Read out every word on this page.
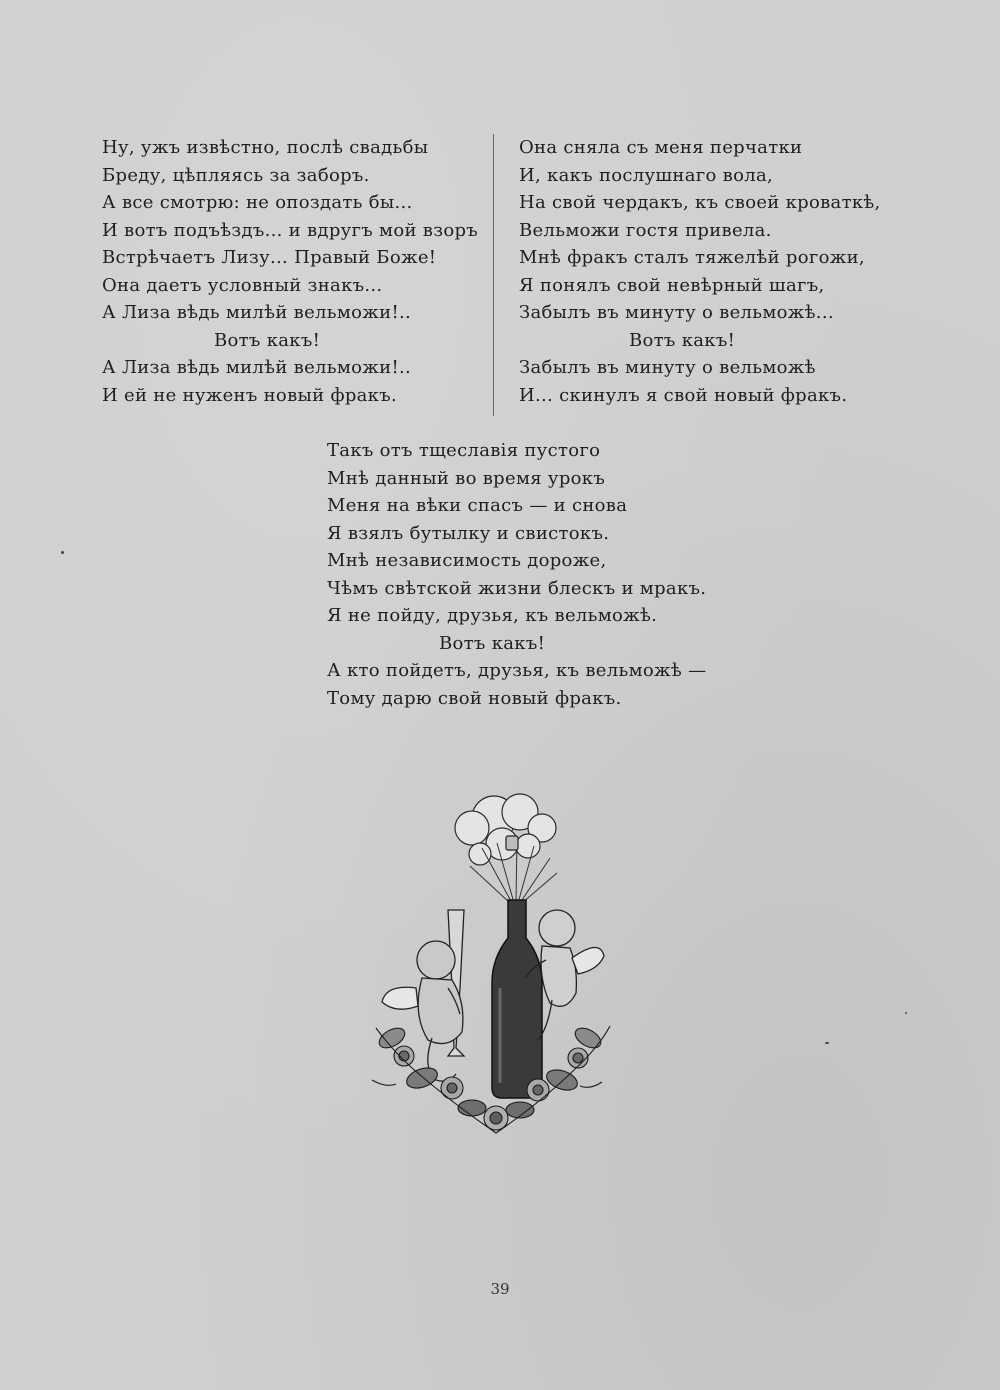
Ну, ужъ извѣстно, послѣ свадьбы
Бреду, цѣпляясь за заборъ.
А все смотрю: не опоздать бы...
И вотъ подъѣздъ... и вдругъ мой взоръ
Встрѣчаетъ Лизу... Правый Боже!
Она даетъ условный знакъ...
А Лиза вѣдь милѣй вельможи!..
Вотъ какъ!
А Лиза вѣдь милѣй вельможи!..
И ей не нуженъ новый фракъ.
Она сняла съ меня перчатки
И, какъ послушнаго вола,
На свой чердакъ, къ своей кроваткѣ,
Вельможи гостя привела.
Мнѣ фракъ сталъ тяжелѣй рогожи,
Я понялъ свой невѣрный шагъ,
Забылъ въ минуту о вельможѣ...
Вотъ какъ!
Забылъ въ минуту о вельможѣ
И... скинулъ я свой новый фракъ.
Такъ отъ тщеславія пустого
Мнѣ данный во время урокъ
Меня на вѣки спасъ — и снова
Я взялъ бутылку и свистокъ.
Мнѣ независимость дороже,
Чѣмъ свѣтской жизни блескъ и мракъ.
Я не пойду, друзья, къ вельможѣ.
Вотъ какъ!
А кто пойдетъ, друзья, къ вельможѣ —
Тому дарю свой новый фракъ.
39
